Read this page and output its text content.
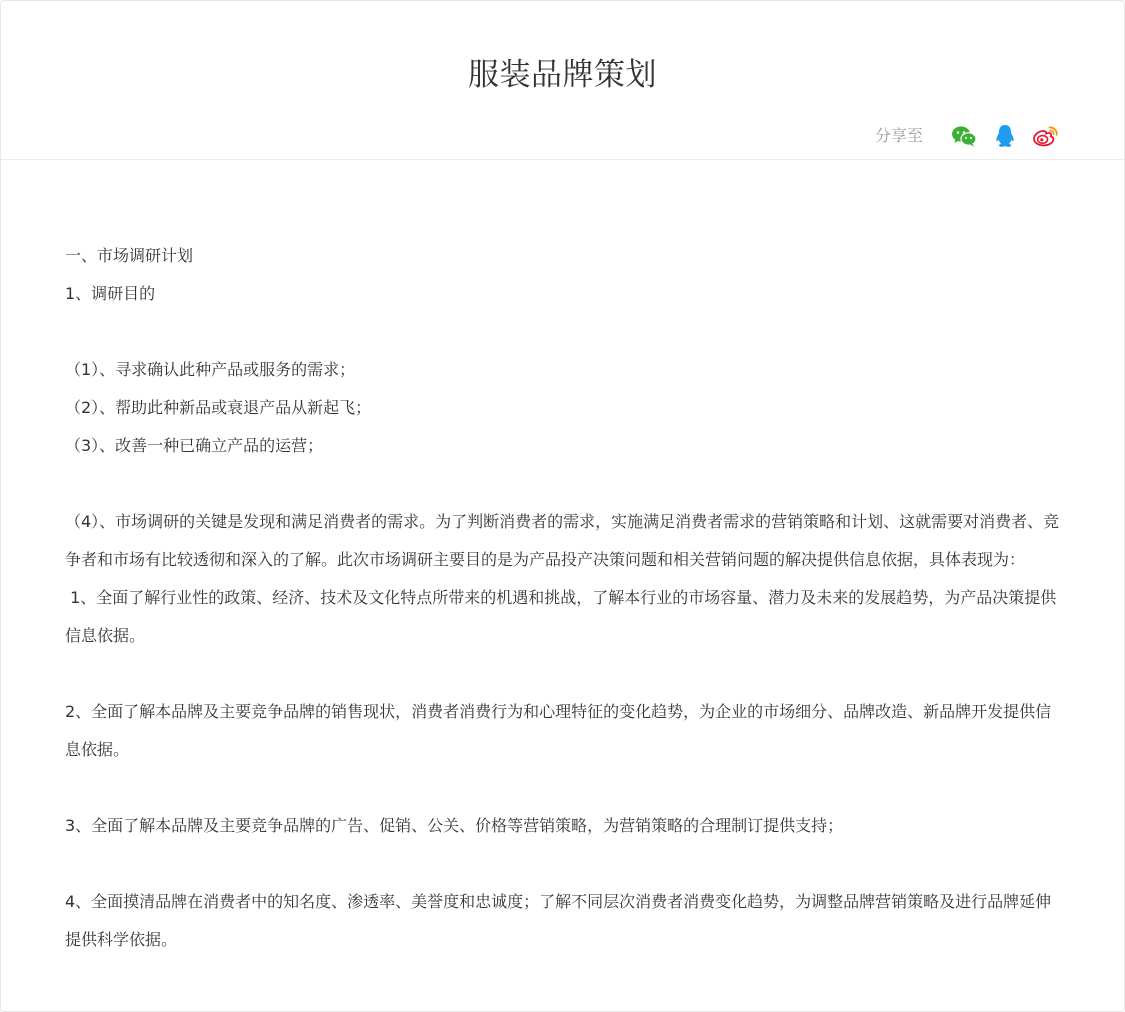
服装品牌策划
分享至

一、市场调研计划

1、调研目的

（1）、寻求确认此种产品或服务的需求；

（2）、帮助此种新品或衰退产品从新起飞；

（3）、改善一种已确立产品的运营；

（4）、市场调研的关键是发现和满足消费者的需求。为了判断消费者的需求，实施满足消费者需求的营销策略和计划、这就需要对消费者、竞争者和市场有比较透彻和深入的了解。此次市场调研主要目的是为产品投产决策问题和相关营销问题的解决提供信息依据，具体表现为：

1、全面了解行业性的政策、经济、技术及文化特点所带来的机遇和挑战，了解本行业的市场容量、潜力及未来的发展趋势，为产品决策提供信息依据。

2、全面了解本品牌及主要竞争品牌的销售现状，消费者消费行为和心理特征的变化趋势，为企业的市场细分、品牌改造、新品牌开发提供信息依据。

3、全面了解本品牌及主要竞争品牌的广告、促销、公关、价格等营销策略，为营销策略的合理制订提供支持；

4、全面摸清品牌在消费者中的知名度、渗透率、美誉度和忠诚度；了解不同层次消费者消费变化趋势，为调整品牌营销策略及进行品牌延伸提供科学依据。
